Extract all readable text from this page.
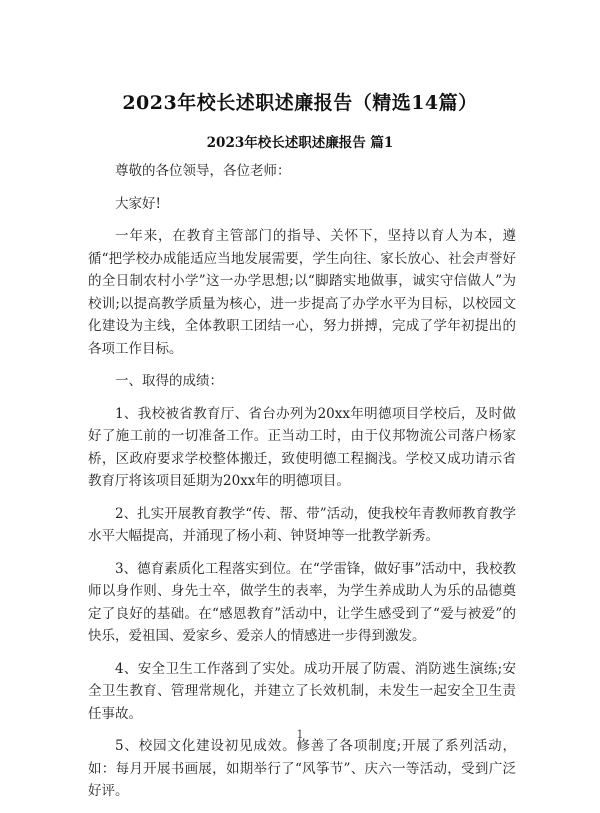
2023年校长述职述廉报告（精选14篇）
2023年校长述职述廉报告 篇1

尊敬的各位领导，各位老师：

大家好!

一年来，在教育主管部门的指导、关怀下，坚持以育人为本，遵循“把学校办成能适应当地发展需要，学生向往、家长放心、社会声誉好的全日制农村小学”这一办学思想;以“脚踏实地做事，诚实守信做人”为校训;以提高教学质量为核心，进一步提高了办学水平为目标，以校园文化建设为主线，全体教职工团结一心，努力拼搏，完成了学年初提出的各项工作目标。

一、取得的成绩：

1、我校被省教育厅、省台办列为20xx年明德项目学校后，及时做好了施工前的一切准备工作。正当动工时，由于仪邦物流公司落户杨家桥，区政府要求学校整体搬迁，致使明德工程搁浅。学校又成功请示省教育厅将该项目延期为20xx年的明德项目。

2、扎实开展教育教学“传、帮、带”活动，使我校年青教师教育教学水平大幅提高，并涌现了杨小莉、钟贤坤等一批教学新秀。

3、德育素质化工程落实到位。在“学雷锋，做好事”活动中，我校教师以身作则、身先士卒，做学生的表率，为学生养成助人为乐的品德奠定了良好的基础。在“感恩教育”活动中，让学生感受到了“爱与被爱”的快乐，爱祖国、爱家乡、爱亲人的情感进一步得到激发。

4、安全卫生工作落到了实处。成功开展了防震、消防逃生演练;安全卫生教育、管理常规化，并建立了长效机制，未发生一起安全卫生责任事故。

5、校园文化建设初见成效。修善了各项制度;开展了系列活动，如：每月开展书画展，如期举行了“风筝节”、庆六一等活动，受到广泛好评。

1
